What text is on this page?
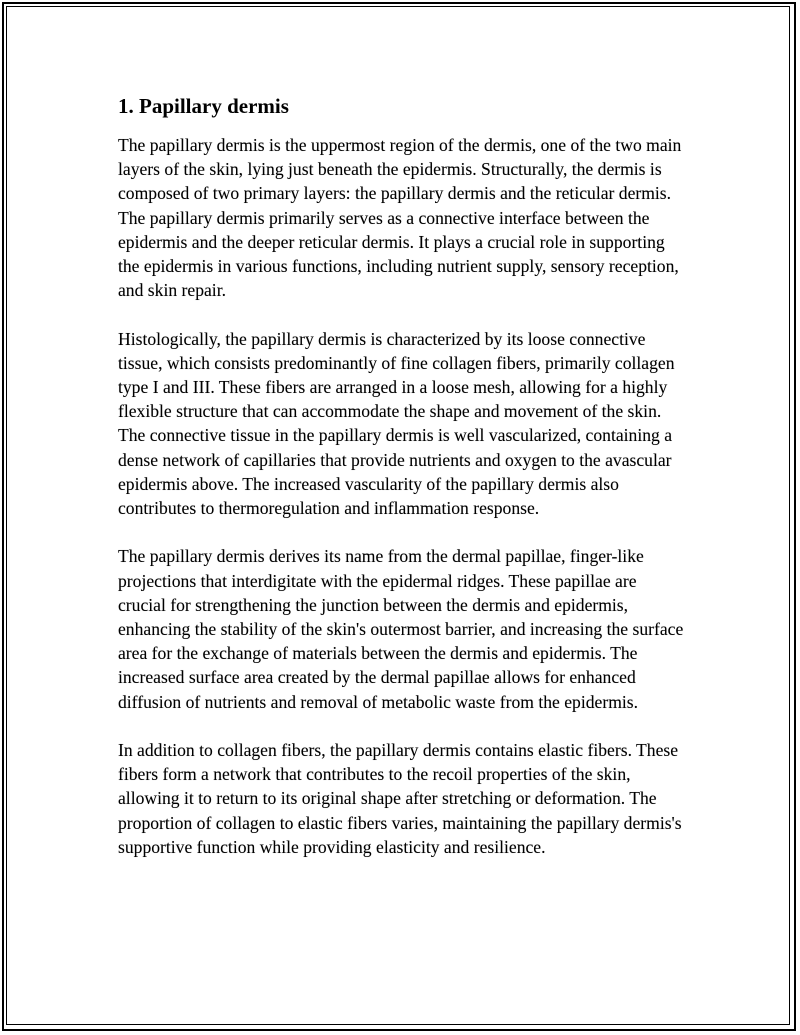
1. Papillary dermis

The papillary dermis is the uppermost region of the dermis, one of the two main layers of the skin, lying just beneath the epidermis. Structurally, the dermis is composed of two primary layers: the papillary dermis and the reticular dermis. The papillary dermis primarily serves as a connective interface between the epidermis and the deeper reticular dermis. It plays a crucial role in supporting the epidermis in various functions, including nutrient supply, sensory reception, and skin repair.

Histologically, the papillary dermis is characterized by its loose connective tissue, which consists predominantly of fine collagen fibers, primarily collagen type I and III. These fibers are arranged in a loose mesh, allowing for a highly flexible structure that can accommodate the shape and movement of the skin. The connective tissue in the papillary dermis is well vascularized, containing a dense network of capillaries that provide nutrients and oxygen to the avascular epidermis above. The increased vascularity of the papillary dermis also contributes to thermoregulation and inflammation response.

The papillary dermis derives its name from the dermal papillae, finger-like projections that interdigitate with the epidermal ridges. These papillae are crucial for strengthening the junction between the dermis and epidermis, enhancing the stability of the skin's outermost barrier, and increasing the surface area for the exchange of materials between the dermis and epidermis. The increased surface area created by the dermal papillae allows for enhanced diffusion of nutrients and removal of metabolic waste from the epidermis.

In addition to collagen fibers, the papillary dermis contains elastic fibers. These fibers form a network that contributes to the recoil properties of the skin, allowing it to return to its original shape after stretching or deformation. The proportion of collagen to elastic fibers varies, maintaining the papillary dermis's supportive function while providing elasticity and resilience.
